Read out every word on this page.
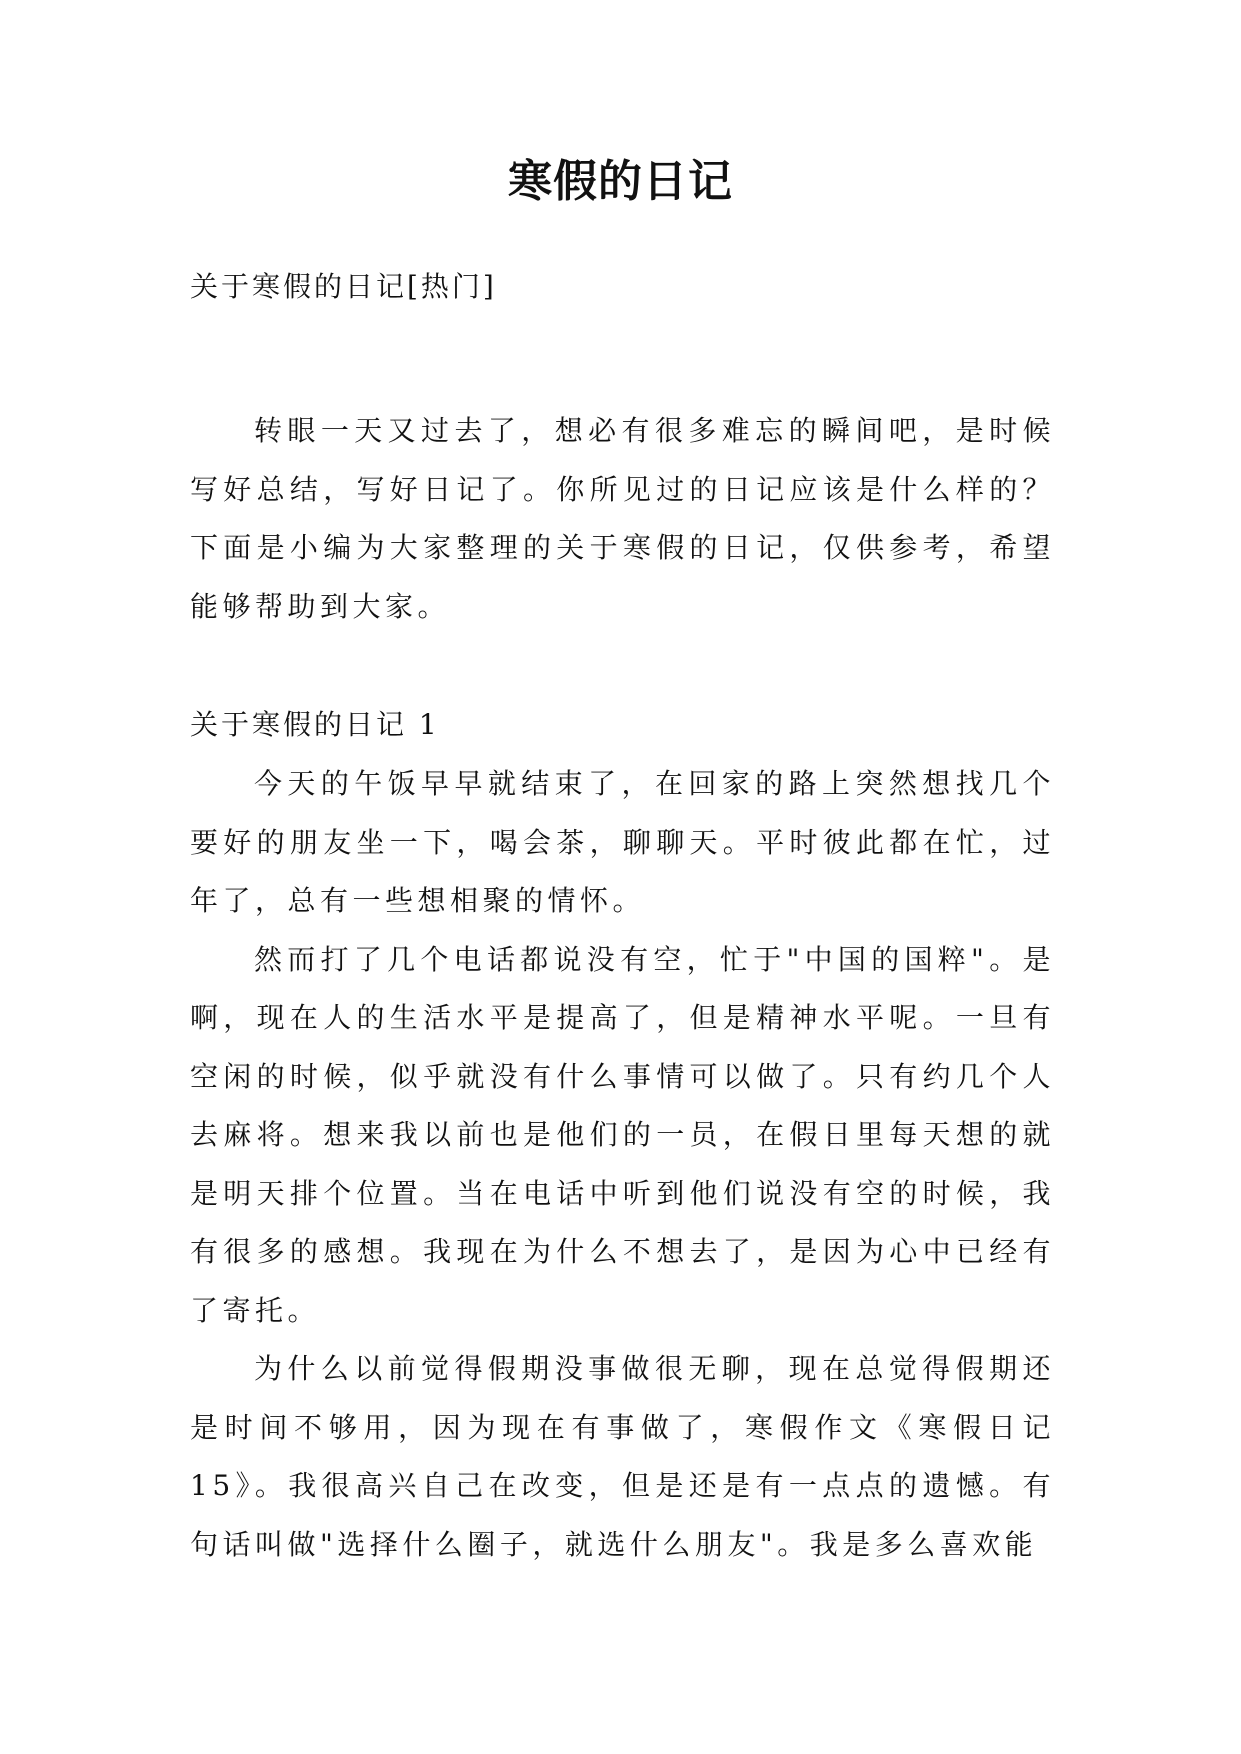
寒假的日记
关于寒假的日记[热门]

转眼一天又过去了，想必有很多难忘的瞬间吧，是时候写好总结，写好日记了。你所见过的日记应该是什么样的？下面是小编为大家整理的关于寒假的日记，仅供参考，希望能够帮助到大家。

关于寒假的日记 1

今天的午饭早早就结束了，在回家的路上突然想找几个要好的朋友坐一下，喝会茶，聊聊天。平时彼此都在忙，过年了，总有一些想相聚的情怀。

然而打了几个电话都说没有空，忙于"中国的国粹"。是啊，现在人的生活水平是提高了，但是精神水平呢。一旦有空闲的时候，似乎就没有什么事情可以做了。只有约几个人去麻将。想来我以前也是他们的一员，在假日里每天想的就是明天排个位置。当在电话中听到他们说没有空的时候，我有很多的感想。我现在为什么不想去了，是因为心中已经有了寄托。

为什么以前觉得假期没事做很无聊，现在总觉得假期还是时间不够用，因为现在有事做了，寒假作文《寒假日记15》。我很高兴自己在改变，但是还是有一点点的遗憾。有句话叫做"选择什么圈子，就选什么朋友"。我是多么喜欢能
